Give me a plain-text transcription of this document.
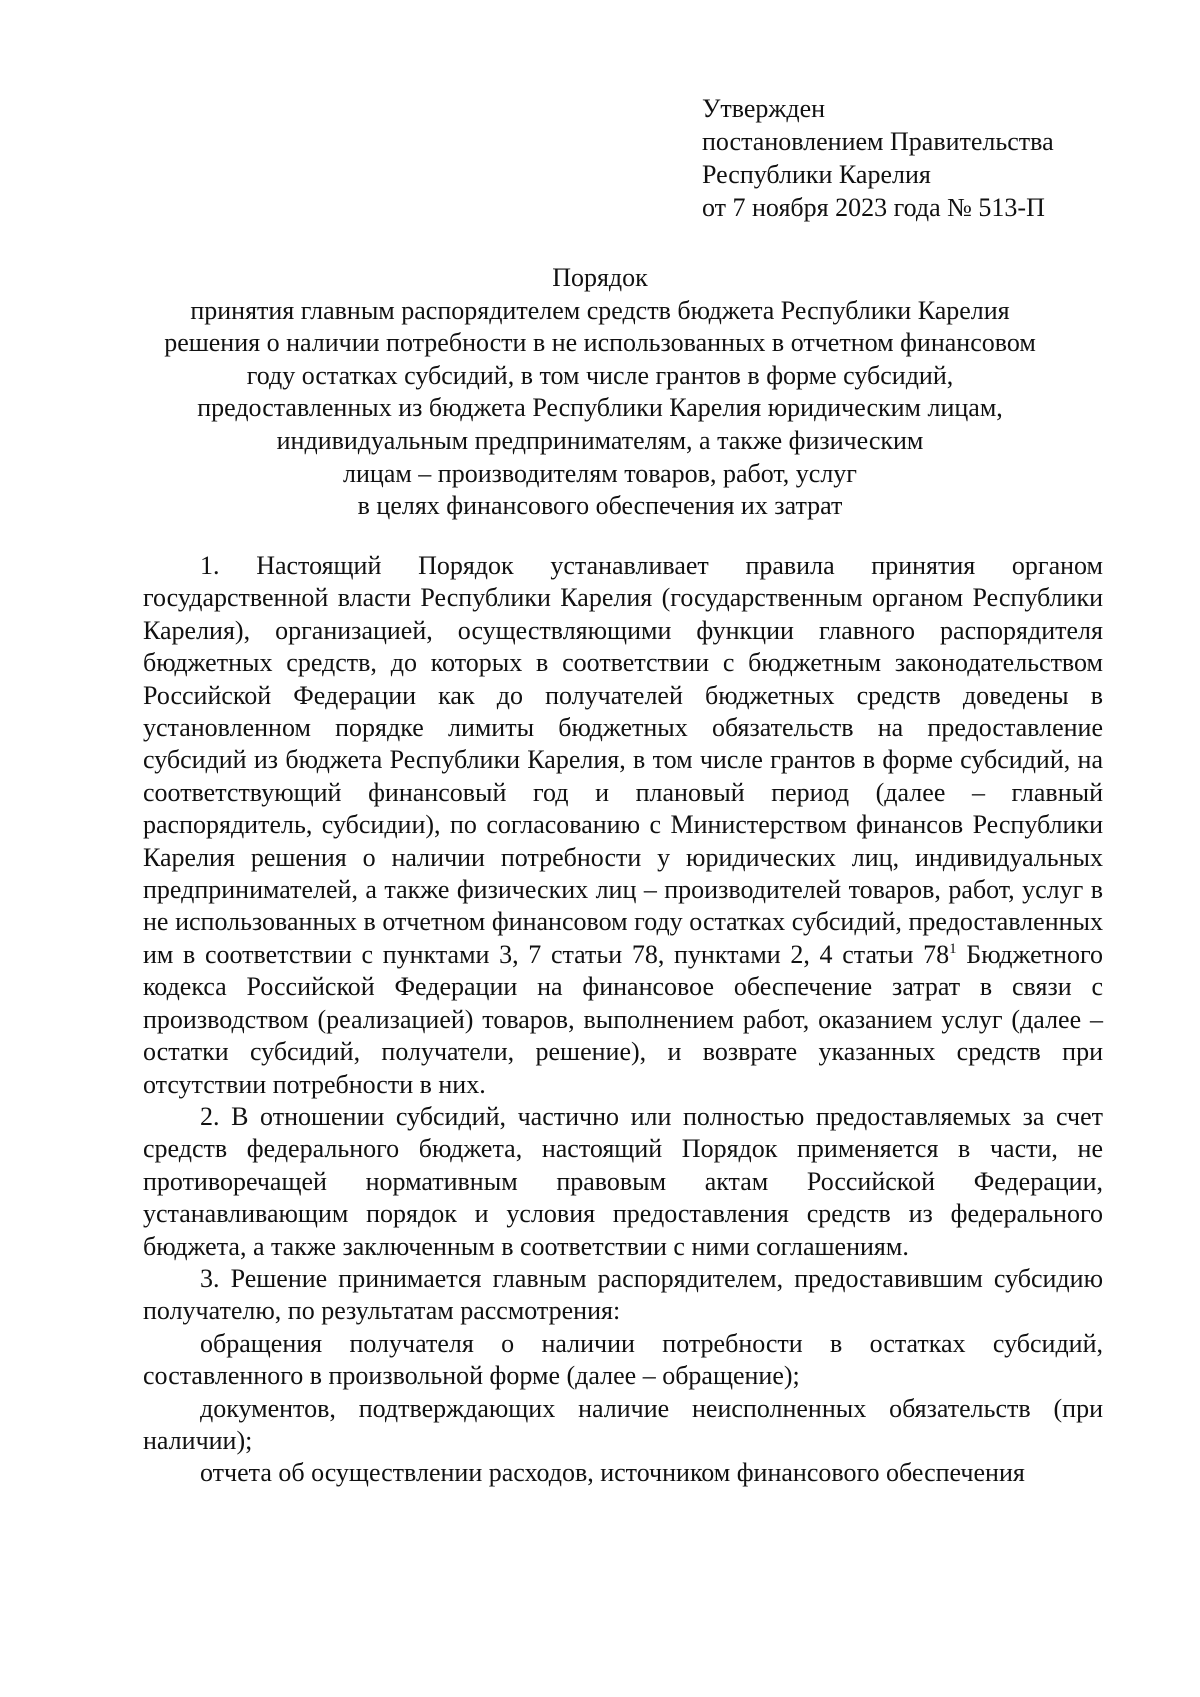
Утвержден
постановлением Правительства
Республики Карелия
от 7 ноября 2023 года № 513-П
Порядок
принятия главным распорядителем средств бюджета Республики Карелия
решения о наличии потребности в не использованных в отчетном финансовом
году остатках субсидий, в том числе грантов в форме субсидий,
предоставленных из бюджета Республики Карелия юридическим лицам,
индивидуальным предпринимателям, а также физическим
лицам – производителям товаров, работ, услуг
в целях финансового обеспечения их затрат

1. Настоящий Порядок устанавливает правила принятия органом государственной власти Республики Карелия (государственным органом Республики Карелия), организацией, осуществляющими функции главного распорядителя бюджетных средств, до которых в соответствии с бюджетным законодательством Российской Федерации как до получателей бюджетных средств доведены в установленном порядке лимиты бюджетных обязательств на предоставление субсидий из бюджета Республики Карелия, в том числе грантов в форме субсидий, на соответствующий финансовый год и плановый период (далее – главный распорядитель, субсидии), по согласованию с Министерством финансов Республики Карелия решения о наличии потребности у юридических лиц, индивидуальных предпринимателей, а также физических лиц – производителей товаров, работ, услуг в не использованных в отчетном финансовом году остатках субсидий, предоставленных им в соответствии с пунктами 3, 7 статьи 78, пунктами 2, 4 статьи $78^1$ Бюджетного кодекса Российской Федерации на финансовое обеспечение затрат в связи с производством (реализацией) товаров, выполнением работ, оказанием услуг (далее – остатки субсидий, получатели, решение), и возврате указанных средств при отсутствии потребности в них.

2. В отношении субсидий, частично или полностью предоставляемых за счет средств федерального бюджета, настоящий Порядок применяется в части, не противоречащей нормативным правовым актам Российской Федерации, устанавливающим порядок и условия предоставления средств из федерального бюджета, а также заключенным в соответствии с ними соглашениям.

3. Решение принимается главным распорядителем, предоставившим субсидию получателю, по результатам рассмотрения:

обращения получателя о наличии потребности в остатках субсидий, составленного в произвольной форме (далее – обращение);

документов, подтверждающих наличие неисполненных обязательств (при наличии);

отчета об осуществлении расходов, источником финансового обеспечения
